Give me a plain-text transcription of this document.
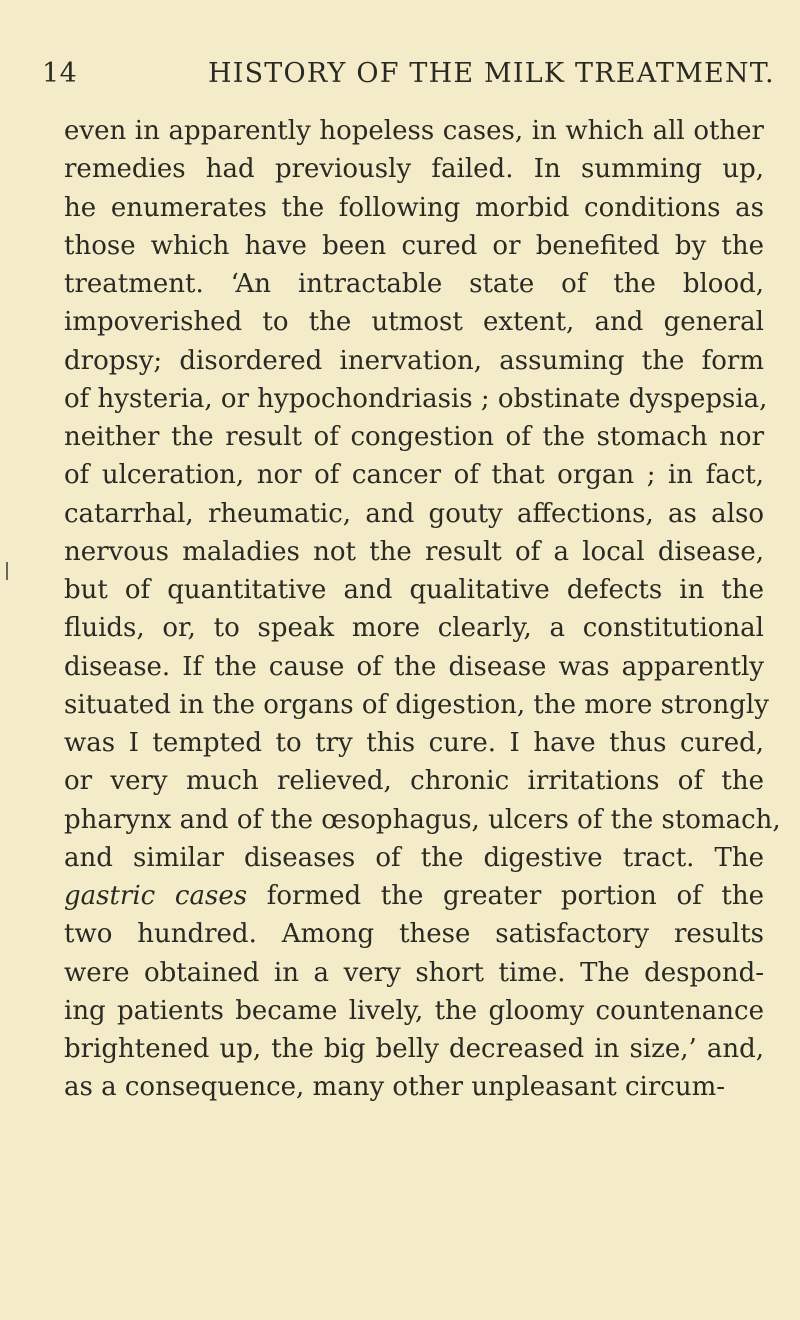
14	HISTORY OF THE MILK TREATMENT.
even in apparently hopeless cases, in which all other
remedies had previously failed. In summing up,
he enumerates the following morbid conditions as
those which have been cured or benefited by the
treatment. ‘An intractable state of the blood,
impoverished to the utmost extent, and general
dropsy; disordered inervation, assuming the form
of hysteria, or hypochondriasis ; obstinate dyspepsia,
neither the result of congestion of the stomach nor
of ulceration, nor of cancer of that organ ; in fact,
catarrhal, rheumatic, and gouty affections, as also
nervous maladies not the result of a local disease,
but of quantitative and qualitative defects in the
fluids, or, to speak more clearly, a constitutional
disease. If the cause of the disease was apparently
situated in the organs of digestion, the more strongly
was I tempted to try this cure. I have thus cured,
or very much relieved, chronic irritations of the
pharynx and of the œsophagus, ulcers of the stomach,
and similar diseases of the digestive tract. The
gastric cases formed the greater portion of the
two hundred. Among these satisfactory results
were obtained in a very short time. The despond-
ing patients became lively, the gloomy countenance
brightened up, the big belly decreased in size,’ and,
as a consequence, many other unpleasant circum-
